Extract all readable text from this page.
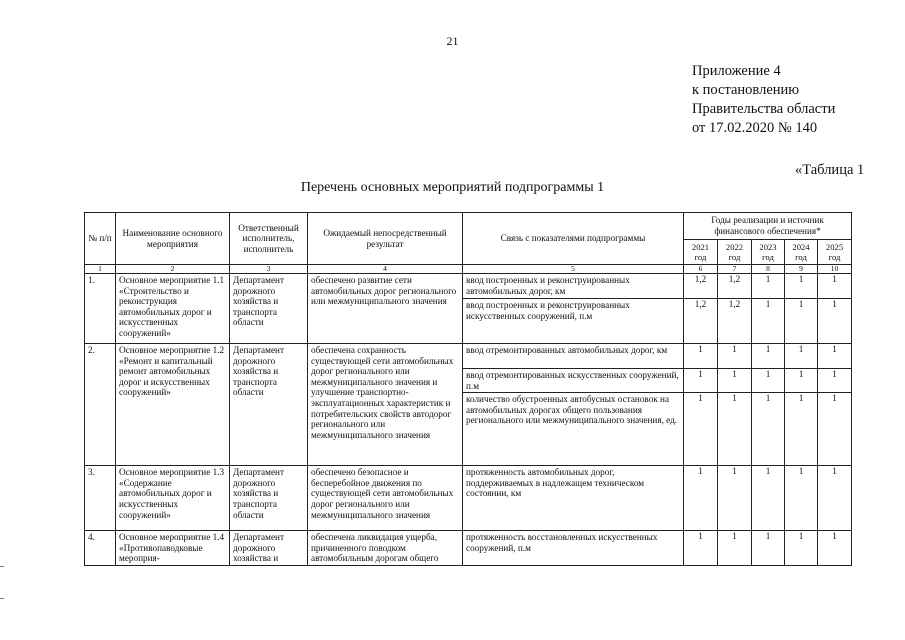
21
Приложение 4
к постановлению
Правительства области
от 17.02.2020 № 140
«Таблица 1
Перечень основных мероприятий подпрограммы 1
№ п/п	Наименование основного мероприятия	Ответственный исполнитель, исполнитель	Ожидаемый непосредственный результат	Связь с показателями подпрограммы	Годы реализации и источник финансового обеспечения*				
					2021 год	2022 год	2023 год	2024 год	2025 год
1	2	3	4	5	6	7	8	9	10
1.	Основное мероприятие 1.1 «Строительство и реконструкция автомобильных дорог и искусственных сооружений»	Департамент дорожного хозяйства и транспорта области	обеспечено развитие сети автомобильных дорог регионального или межмуниципального значения	ввод построенных и реконструированных автомобильных дорог, км	1,2	1,2	1	1	1
				ввод построенных и реконструированных искусственных сооружений, п.м	1,2	1,2	1	1	1
2.	Основное мероприятие 1.2 «Ремонт и капитальный ремонт автомобильных дорог и искусственных сооружений»	Департамент дорожного хозяйства и транспорта области	обеспечена сохранность существующей сети автомобильных дорог регионального или межмуниципального значения и улучшение транспортно-эксплуатационных характеристик и потребительских свойств автодорог регионального или межмуниципального значения	ввод отремонтированных автомобильных дорог, км	1	1	1	1	1
				ввод отремонтированных искусственных сооружений, п.м	1	1	1	1	1
				количество обустроенных автобусных остановок на автомобильных дорогах общего пользования регионального или межмуниципального значения, ед.	1	1	1	1	1
3.	Основное мероприятие 1.3 «Содержание автомобильных дорог и искусственных сооружений»	Департамент дорожного хозяйства и транспорта области	обеспечено безопасное и бесперебойное движения по существующей сети автомобильных дорог регионального или межмуниципального значения	протяженность автомобильных дорог, поддерживаемых в надлежащем техническом состоянии, км	1	1	1	1	1
4.	Основное мероприятие 1.4 «Противопаводковые мероприя-	Департамент дорожного хозяйства и	обеспечена ликвидация ущерба, причиненного поводком автомобильным дорогам общего	протяженность восстановленных искусственных сооружений, п.м	1	1	1	1	1
